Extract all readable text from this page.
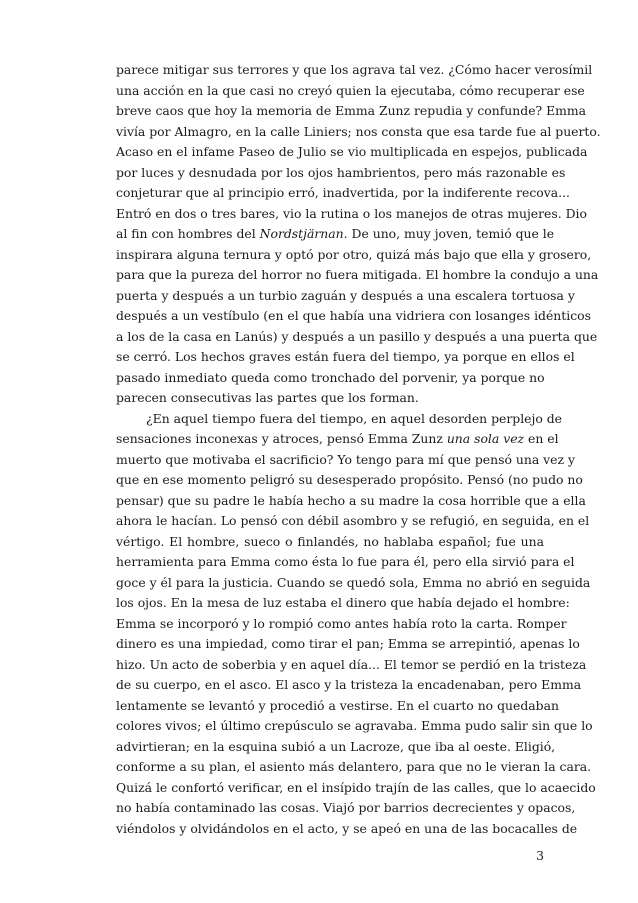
parece mitigar sus terrores y que los agrava tal vez. ¿Cómo hacer verosímil
una acción en la que casi no creyó quien la ejecutaba, cómo recuperar ese
breve caos que hoy la memoria de Emma Zunz repudia y confunde? Emma
vivía por Almagro, en la calle Liniers; nos consta que esa tarde fue al puerto.
Acaso en el infame Paseo de Julio se vio multiplicada en espejos, publicada
por luces y desnudada por los ojos hambrientos, pero más razonable es
conjeturar que al principio erró, inadvertida, por la indiferente recova...
Entró en dos o tres bares, vio la rutina o los manejos de otras mujeres. Dio
al fin con hombres del Nordstjärnan. De uno, muy joven, temió que le
inspirara alguna ternura y optó por otro, quizá más bajo que ella y grosero,
para que la pureza del horror no fuera mitigada. El hombre la condujo a una
puerta y después a un turbio zaguán y después a una escalera tortuosa y
después a un vestíbulo (en el que había una vidriera con losanges idénticos
a los de la casa en Lanús) y después a un pasillo y después a una puerta que
se cerró. Los hechos graves están fuera del tiempo, ya porque en ellos el
pasado inmediato queda como tronchado del porvenir, ya porque no
parecen consecutivas las partes que los forman.
¿En aquel tiempo fuera del tiempo, en aquel desorden perplejo de
sensaciones inconexas y atroces, pensó Emma Zunz una sola vez en el
muerto que motivaba el sacrificio? Yo tengo para mí que pensó una vez y
que en ese momento peligró su desesperado propósito. Pensó (no pudo no
pensar) que su padre le había hecho a su madre la cosa horrible que a ella
ahora le hacían. Lo pensó con débil asombro y se refugió, en seguida, en el
vértigo. El hombre, sueco o finlandés, no hablaba español; fue una
herramienta para Emma como ésta lo fue para él, pero ella sirvió para el
goce y él para la justicia. Cuando se quedó sola, Emma no abrió en seguida
los ojos. En la mesa de luz estaba el dinero que había dejado el hombre:
Emma se incorporó y lo rompió como antes había roto la carta. Romper
dinero es una impiedad, como tirar el pan; Emma se arrepintió, apenas lo
hizo. Un acto de soberbia y en aquel día... El temor se perdió en la tristeza
de su cuerpo, en el asco. El asco y la tristeza la encadenaban, pero Emma
lentamente se levantó y procedió a vestirse. En el cuarto no quedaban
colores vivos; el último crepúsculo se agravaba. Emma pudo salir sin que lo
advirtieran; en la esquina subió a un Lacroze, que iba al oeste. Eligió,
conforme a su plan, el asiento más delantero, para que no le vieran la cara.
Quizá le confortó verificar, en el insípido trajín de las calles, que lo acaecido
no había contaminado las cosas. Viajó por barrios decrecientes y opacos,
viéndolos y olvidándolos en el acto, y se apeó en una de las bocacalles de
3
